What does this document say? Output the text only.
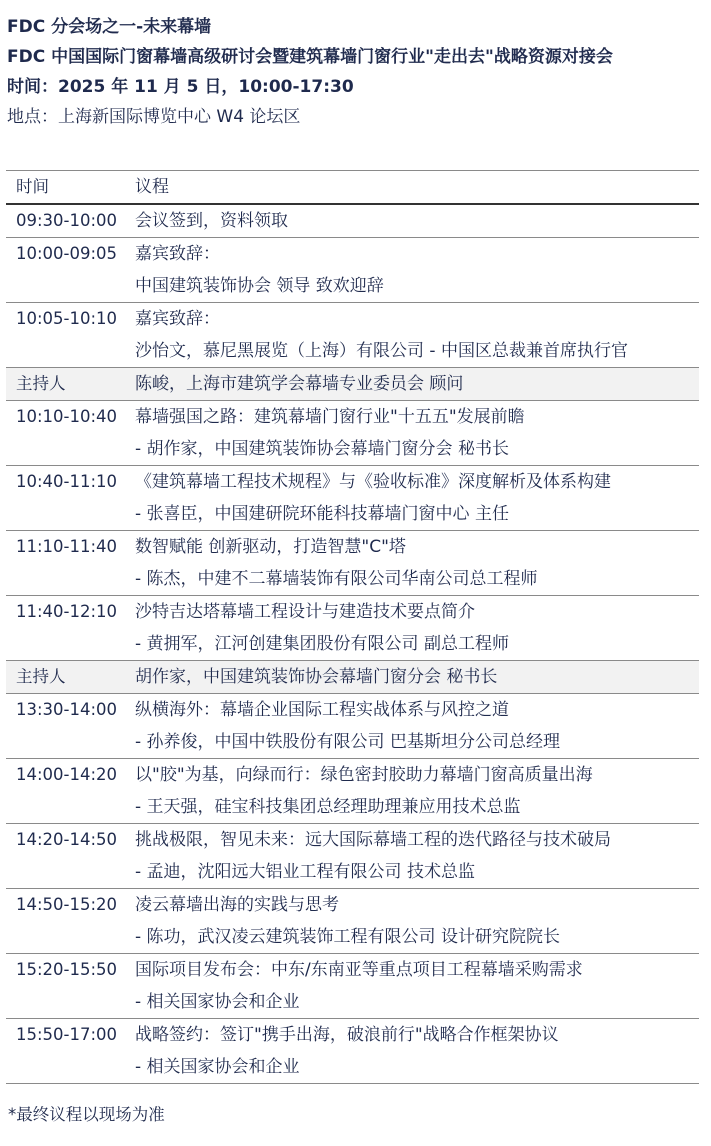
FDC 分会场之一-未来幕墙
FDC 中国国际门窗幕墙高级研讨会暨建筑幕墙门窗行业"走出去"战略资源对接会
时间：2025 年 11 月 5 日，10:00-17:30
地点：上海新国际博览中心 W4 论坛区
时间	议程
09:30-10:00	会议签到，资料领取
10:00-09:05	嘉宾致辞：
中国建筑装饰协会 领导 致欢迎辞
10:05-10:10	嘉宾致辞：
沙怡文，慕尼黑展览（上海）有限公司 - 中国区总裁兼首席执行官
主持人	陈峻，上海市建筑学会幕墙专业委员会 顾问
10:10-10:40	幕墙强国之路：建筑幕墙门窗行业"十五五"发展前瞻
- 胡作家，中国建筑装饰协会幕墙门窗分会 秘书长
10:40-11:10	《建筑幕墙工程技术规程》与《验收标准》深度解析及体系构建
- 张喜臣，中国建研院环能科技幕墙门窗中心 主任
11:10-11:40	数智赋能 创新驱动，打造智慧"C"塔
- 陈杰，中建不二幕墙装饰有限公司华南公司总工程师
11:40-12:10	沙特吉达塔幕墙工程设计与建造技术要点简介
- 黄拥军，江河创建集团股份有限公司 副总工程师
主持人	胡作家，中国建筑装饰协会幕墙门窗分会 秘书长
13:30-14:00	纵横海外：幕墙企业国际工程实战体系与风控之道
- 孙养俊，中国中铁股份有限公司 巴基斯坦分公司总经理
14:00-14:20	以"胶"为基，向绿而行：绿色密封胶助力幕墙门窗高质量出海
- 王天强，硅宝科技集团总经理助理兼应用技术总监
14:20-14:50	挑战极限，智见未来：远大国际幕墙工程的迭代路径与技术破局
- 孟迪，沈阳远大铝业工程有限公司 技术总监
14:50-15:20	凌云幕墙出海的实践与思考
- 陈功，武汉凌云建筑装饰工程有限公司 设计研究院院长
15:20-15:50	国际项目发布会：中东/东南亚等重点项目工程幕墙采购需求
- 相关国家协会和企业
15:50-17:00	战略签约：签订"携手出海，破浪前行"战略合作框架协议
- 相关国家协会和企业
*最终议程以现场为准
